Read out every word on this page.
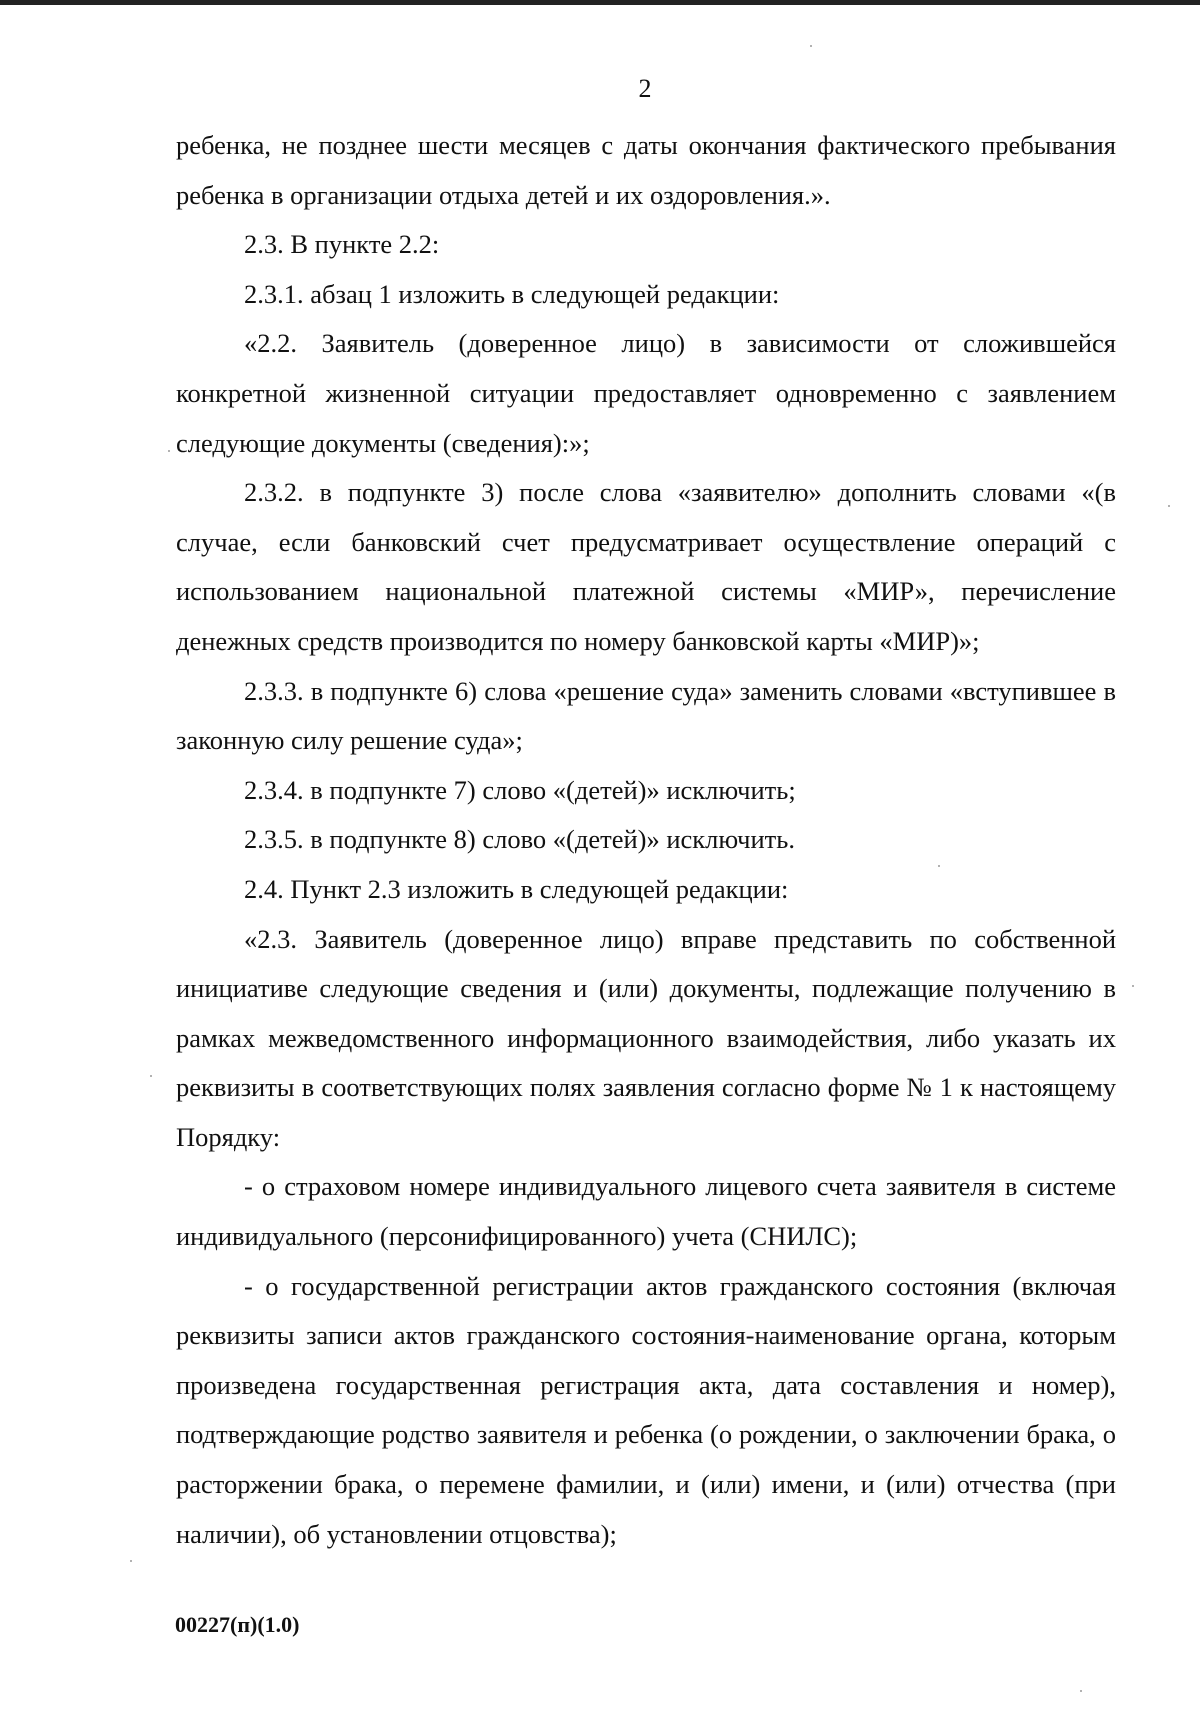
2

ребенка, не позднее шести месяцев с даты окончания фактического пребывания ребенка в организации отдыха детей и их оздоровления.».

2.3. В пункте 2.2:

2.3.1. абзац 1 изложить в следующей редакции:

«2.2. Заявитель (доверенное лицо) в зависимости от сложившейся конкретной жизненной ситуации предоставляет одновременно с заявлением следующие документы (сведения):»;

2.3.2. в подпункте 3) после слова «заявителю» дополнить словами «(в случае, если банковский счет предусматривает осуществление операций с использованием национальной платежной системы «МИР», перечисление денежных средств производится по номеру банковской карты «МИР)»;

2.3.3. в подпункте 6) слова «решение суда» заменить словами «вступившее в законную силу решение суда»;

2.3.4. в подпункте 7) слово «(детей)» исключить;

2.3.5. в подпункте 8) слово «(детей)» исключить.

2.4. Пункт 2.3 изложить в следующей редакции:

«2.3. Заявитель (доверенное лицо) вправе представить по собственной инициативе следующие сведения и (или) документы, подлежащие получению в рамках межведомственного информационного взаимодействия, либо указать их реквизиты в соответствующих полях заявления согласно форме № 1 к настоящему Порядку:

- о страховом номере индивидуального лицевого счета заявителя в системе индивидуального (персонифицированного) учета (СНИЛС);

- о государственной регистрации актов гражданского состояния (включая реквизиты записи актов гражданского состояния-наименование органа, которым произведена государственная регистрация акта, дата составления и номер), подтверждающие родство заявителя и ребенка (о рождении, о заключении брака, о расторжении брака, о перемене фамилии, и (или) имени, и (или) отчества (при наличии), об установлении отцовства);

00227(п)(1.0)
